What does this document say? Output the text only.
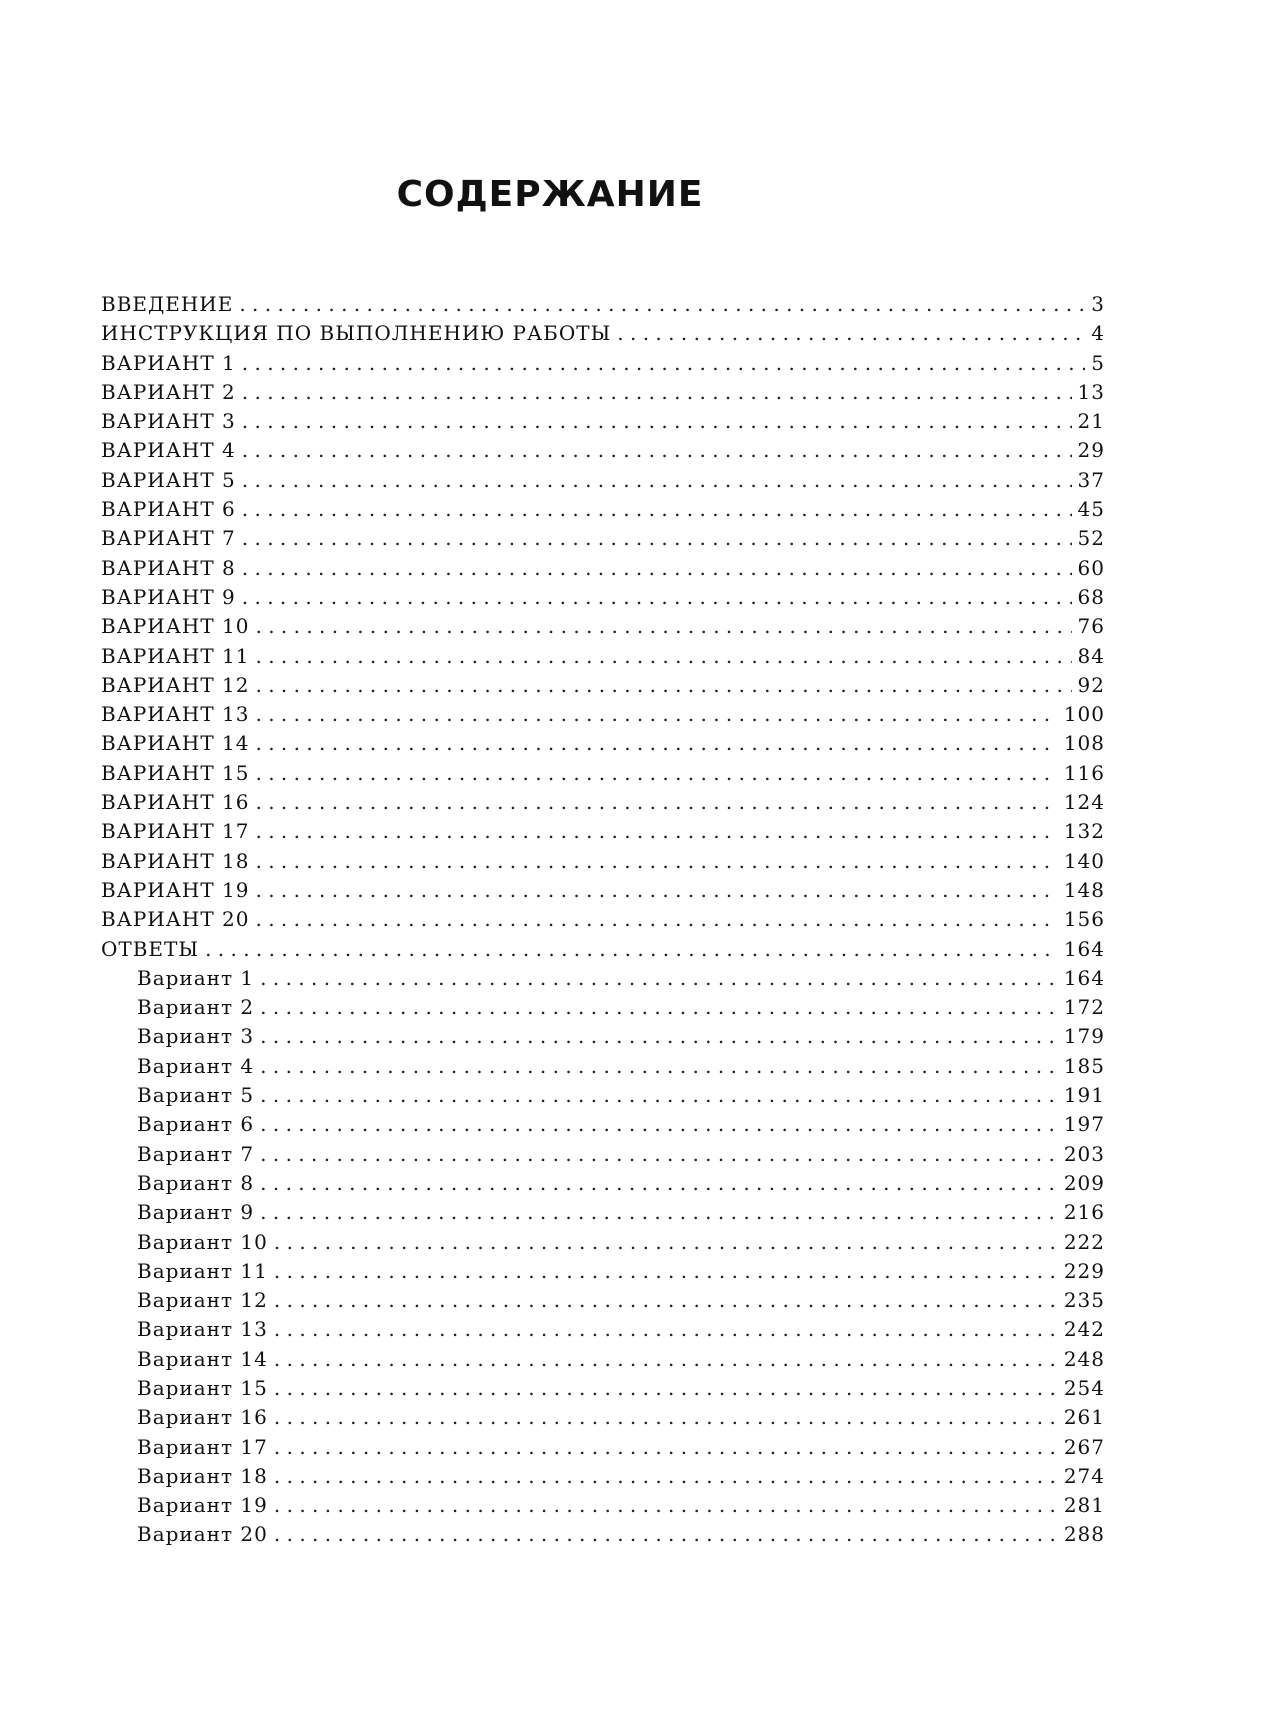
СОДЕРЖАНИЕ
ВВЕДЕНИЕ . . .	3
ИНСТРУКЦИЯ ПО ВЫПОЛНЕНИЮ РАБОТЫ . . .	4
ВАРИАНТ 1 . . .	5
ВАРИАНТ 2 . . .	13
ВАРИАНТ 3 . . .	21
ВАРИАНТ 4 . . .	29
ВАРИАНТ 5 . . .	37
ВАРИАНТ 6 . . .	45
ВАРИАНТ 7 . . .	52
ВАРИАНТ 8 . . .	60
ВАРИАНТ 9 . . .	68
ВАРИАНТ 10 . . .	76
ВАРИАНТ 11 . . .	84
ВАРИАНТ 12 . . .	92
ВАРИАНТ 13 . . .	100
ВАРИАНТ 14 . . .	108
ВАРИАНТ 15 . . .	116
ВАРИАНТ 16 . . .	124
ВАРИАНТ 17 . . .	132
ВАРИАНТ 18 . . .	140
ВАРИАНТ 19 . . .	148
ВАРИАНТ 20 . . .	156
ОТВЕТЫ . . .	164
Вариант 1 . . .	164
Вариант 2 . . .	172
Вариант 3 . . .	179
Вариант 4 . . .	185
Вариант 5 . . .	191
Вариант 6 . . .	197
Вариант 7 . . .	203
Вариант 8 . . .	209
Вариант 9 . . .	216
Вариант 10 . . .	222
Вариант 11 . . .	229
Вариант 12 . . .	235
Вариант 13 . . .	242
Вариант 14 . . .	248
Вариант 15 . . .	254
Вариант 16 . . .	261
Вариант 17 . . .	267
Вариант 18 . . .	274
Вариант 19 . . .	281
Вариант 20 . . .	288
